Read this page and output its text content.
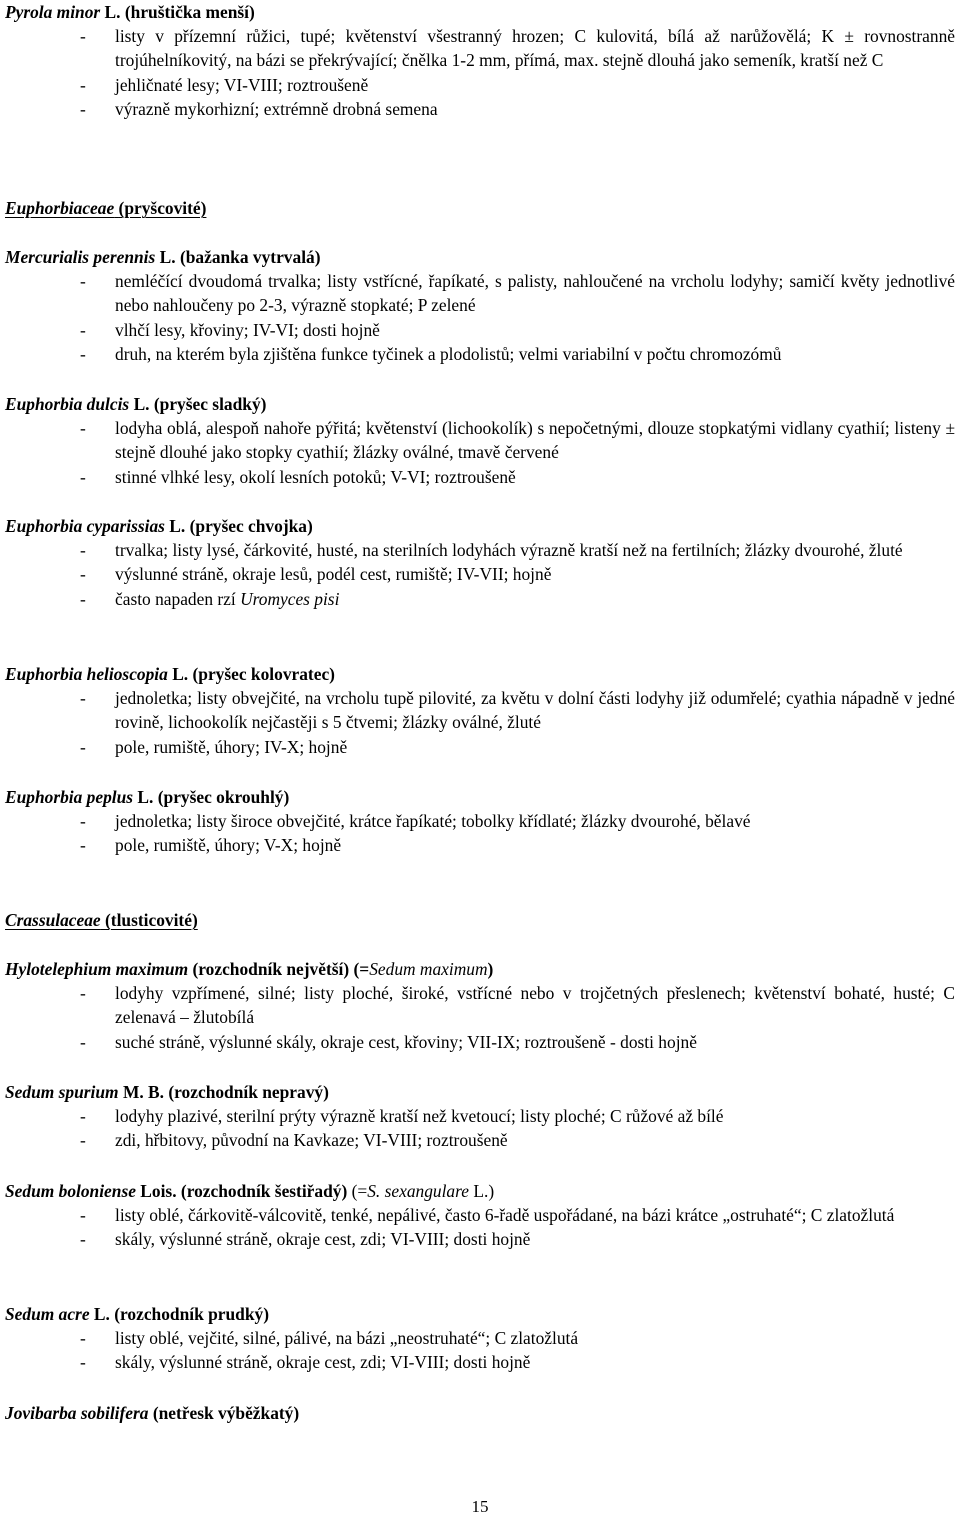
Pyrola minor L. (hruštička menší)
- listy v přízemní růžici, tupé; květenství všestranný hrozen; C kulovitá, bílá až narůžovělá; K ± rovnostranně trojúhelníkovitý, na bázi se překrývající; čnělka 1-2 mm, přímá, max. stejně dlouhá jako semeník, kratší než C
- jehličnaté lesy; VI-VIII; roztroušeně
- výrazně mykorhizní; extrémně drobná semena
Euphorbiaceae (pryšcovité)
Mercurialis perennis L. (bažanka vytrvalá)
- nemléčící dvoudomá trvalka; listy vstřícné, řapíkaté, s palisty, nahloučené na vrcholu lodyhy; samičí květy jednotlivé nebo nahloučeny po 2-3, výrazně stopkaté; P zelené
- vlhčí lesy, křoviny; IV-VI; dosti hojně
- druh, na kterém byla zjištěna funkce tyčinek a plodolistů; velmi variabilní v počtu chromozómů
Euphorbia dulcis L. (pryšec sladký)
- lodyha oblá, alespoň nahoře pýřitá; květenství (lichookolík) s nepočetnými, dlouze stopkatými vidlany cyathií; listeny ± stejně dlouhé jako stopky cyathií; žlázky oválné, tmavě červené
- stinné vlhké lesy, okolí lesních potoků; V-VI; roztroušeně
Euphorbia cyparissias L. (pryšec chvojka)
- trvalka; listy lysé, čárkovité, husté, na sterilních lodyhách výrazně kratší než na fertilních; žlázky dvourohé, žluté
- výslunné stráně, okraje lesů, podél cest, rumiště; IV-VII; hojně
- často napaden rzí Uromyces pisi
Euphorbia helioscopia L. (pryšec kolovratec)
- jednoletka; listy obvejčité, na vrcholu tupě pilovité, za květu v dolní části lodyhy již odumřelé; cyathia nápadně v jedné rovině, lichookolík nejčastěji s 5 čtvemi; žlázky oválné, žluté
- pole, rumiště, úhory; IV-X; hojně
Euphorbia peplus L. (pryšec okrouhlý)
- jednoletka; listy široce obvejčité, krátce řapíkaté; tobolky křídlaté; žlázky dvourohé, bělavé
- pole, rumiště, úhory; V-X; hojně
Crassulaceae (tlusticovité)
Hylotelephium maximum (rozchodník největší) (=Sedum maximum)
- lodyhy vzpřímené, silné; listy ploché, široké, vstřícné nebo v trojčetných přeslenech; květenství bohaté, husté; C zelenavá – žlutobílá
- suché stráně, výslunné skály, okraje cest, křoviny; VII-IX; roztroušeně - dosti hojně
Sedum spurium M. B. (rozchodník nepravý)
- lodyhy plazivé, sterilní prýty výrazně kratší než kvetoucí; listy ploché; C růžové až bílé
- zdi, hřbitovy, původní na Kavkaze; VI-VIII; roztroušeně
Sedum boloniense Lois. (rozchodník šestiřadý) (=S. sexangulare L.)
- listy oblé, čárkovitě-válcovitě, tenké, nepálivé, často 6-řadě uspořádané, na bázi krátce „ostruhaté“; C zlatožlutá
- skály, výslunné stráně, okraje cest, zdi; VI-VIII; dosti hojně
Sedum acre L. (rozchodník prudký)
- listy oblé, vejčité, silné, pálivé, na bázi „neostruhaté“; C zlatožlutá
- skály, výslunné stráně, okraje cest, zdi; VI-VIII; dosti hojně
Jovibarba sobilifera (netřesk výběžkatý)
15
